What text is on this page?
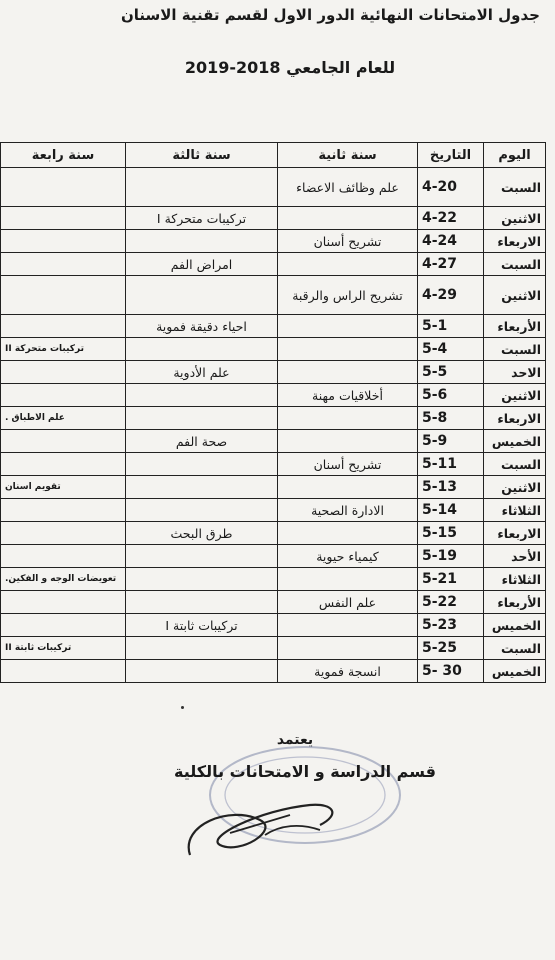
جدول الامتحانات النهائية الدور الاول لقسم تقنية الاسنان
للعام الجامعي 2018-2019
اليوم	التاريخ	سنة ثانية	سنة ثالثة	سنة رابعة
السبت	4-20	علم وظائف الاعضاء		
الاثنين	4-22		تركيبات متحركة I	
الاربعاء	4-24	تشريح أسنان		
السبت	4-27		امراض الفم	
الاثنين	4-29	تشريح الراس والرقبة		
الأربعاء	5-1		احياء دقيقة فموية	
السبت	5-4			تركيبات متحركة II
الاحد	5-5		علم الأدوية	
الاثنين	5-6	أخلاقيات مهنة		
الاربعاء	5-8			علم الاطباق .
الخميس	5-9		صحة الفم	
السبت	5-11	تشريح أسنان		
الاثنين	5-13			تقويم اسنان
الثلاثاء	5-14	الادارة الصحية		
الاربعاء	5-15		طرق البحث	
الأحد	5-19	كيمياء حيوية		
الثلاثاء	5-21			تعويضات الوجه و الفكين.
الأربعاء	5-22	علم النفس		
الخميس	5-23		تركيبات ثابتة I	
السبت	5-25			تركيبات ثابتة II
الخميس	5- 30	انسجة فموية		
يعتمد
قسم الدراسة و الامتحانات بالكلية
